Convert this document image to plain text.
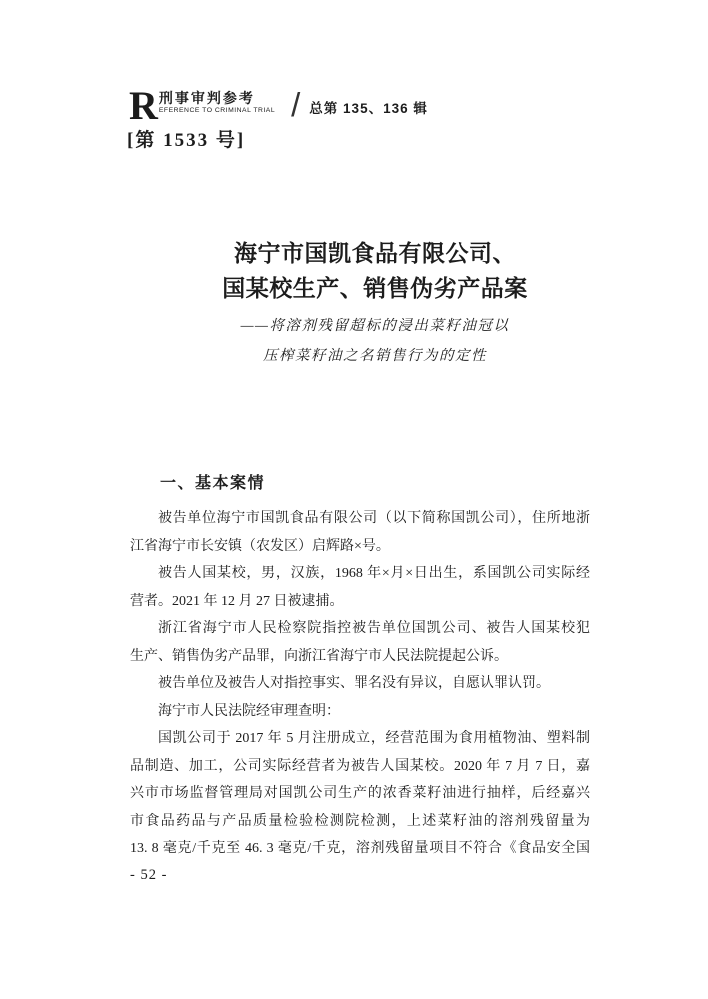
R 刑事审判参考
EFERENCE TO CRIMINAL TRIAL / 总第 135、136 辑
[第 1533 号]
海宁市国凯食品有限公司、
国某校生产、销售伪劣产品案
——将溶剂残留超标的浸出菜籽油冠以
压榨菜籽油之名销售行为的定性
一、基本案情
被告单位海宁市国凯食品有限公司（以下简称国凯公司），住所地浙
江省海宁市长安镇（农发区）启辉路×号。
被告人国某校，男，汉族，1968 年×月×日出生，系国凯公司实际经
营者。2021 年 12 月 27 日被逮捕。
浙江省海宁市人民检察院指控被告单位国凯公司、被告人国某校犯
生产、销售伪劣产品罪，向浙江省海宁市人民法院提起公诉。
被告单位及被告人对指控事实、罪名没有异议，自愿认罪认罚。
海宁市人民法院经审理查明：
国凯公司于 2017 年 5 月注册成立，经营范围为食用植物油、塑料制
品制造、加工，公司实际经营者为被告人国某校。2020 年 7 月 7 日，嘉
兴市市场监督管理局对国凯公司生产的浓香菜籽油进行抽样，后经嘉兴
市食品药品与产品质量检验检测院检测，上述菜籽油的溶剂残留量为
13. 8 毫克/千克至 46. 3 毫克/千克，溶剂残留量项目不符合《食品安全国
- 52 -
